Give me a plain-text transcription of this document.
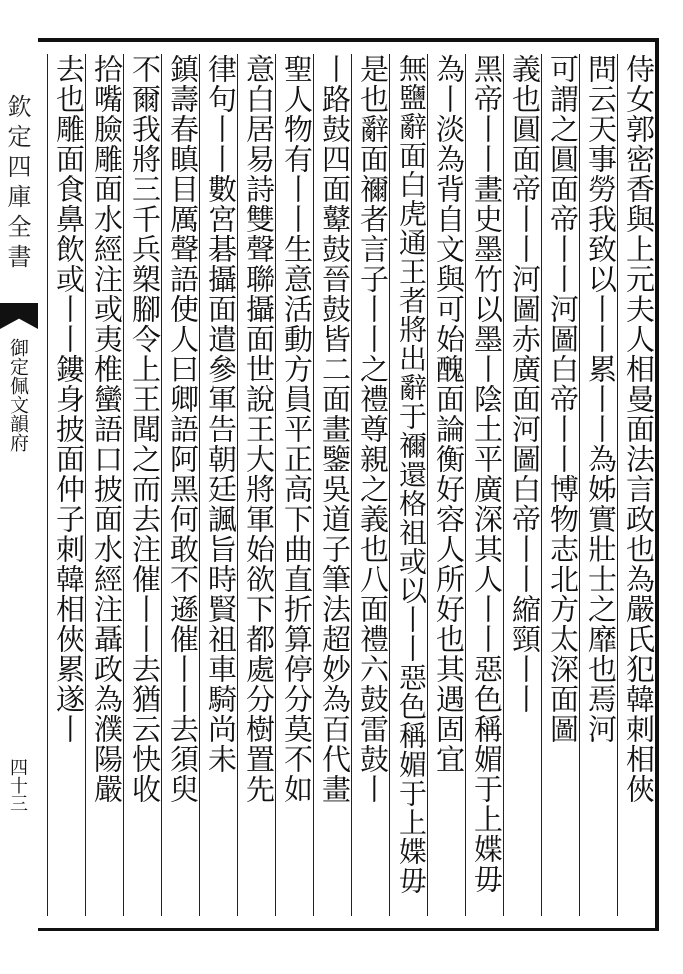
欽定四庫全書
御定佩文韻府
四十三	侍女郭密香與上元夫人相曼面法言政也為嚴氏犯韓刺相俠
問云天事勞我致以丨丨累丨丨為姊實壯士之靡也焉河
可謂之圓面帝丨丨河圖白帝丨丨博物志北方太深面圖
義也圓面帝丨丨河圖赤廣面河圖白帝丨丨縮頸丨丨
黑帝丨丨畫史墨竹以墨丨陰土平廣深其人丨丨惡色稱媚于上媟毋
為丨淡為背自文與可始醜面論衡好容人所好也其遇固宜
無鹽辭面白虎通王者將出辭于禰還格祖或以丨丨惡色稱媚于上媟毋
是也辭面禰者言子丨丨之禮尊親之義也八面禮六鼓雷鼓丨
丨路鼓四面鼙鼓晉鼓皆二面畫鑒吳道子筆法超妙為百代畫
聖人物有丨丨生意活動方員平正高下曲直折算停分莫不如
意白居易詩雙聲聯攝面世說王大將軍始欲下都處分樹置先
律句丨丨數宮碁攝面遣參軍告朝廷諷旨時賢祖車騎尚未
鎮壽春瞋目厲聲語使人曰卿語阿黑何敢不遜催丨丨去須臾
不爾我將三千兵槊腳令上王聞之而去注催丨丨去猶云快收
拾嘴臉雕面水經注或夷椎蠻語口披面水經注聶政為濮陽嚴
去也雕面食鼻飲或丨丨鏤身披面仲子刺韓相俠累遂丨
